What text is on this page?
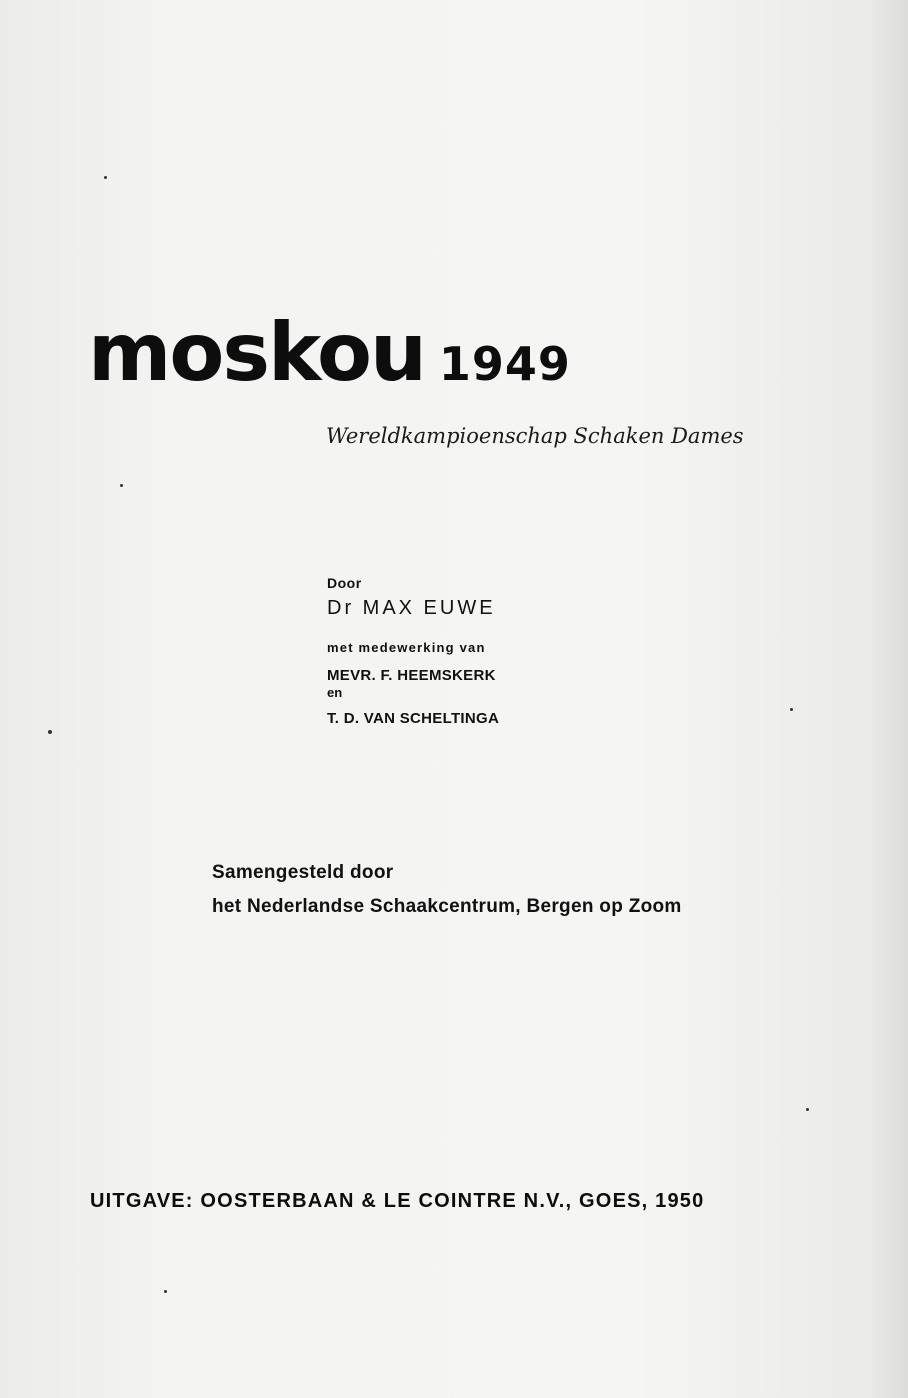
moskou 1949
Wereldkampioenschap Schaken Dames
Door
Dr MAX EUWE
met medewerking van
MEVR. F. HEEMSKERK
en
T. D. VAN SCHELTINGA
Samengesteld door
het Nederlandse Schaakcentrum, Bergen op Zoom
UITGAVE: OOSTERBAAN & LE COINTRE N.V., GOES, 1950
